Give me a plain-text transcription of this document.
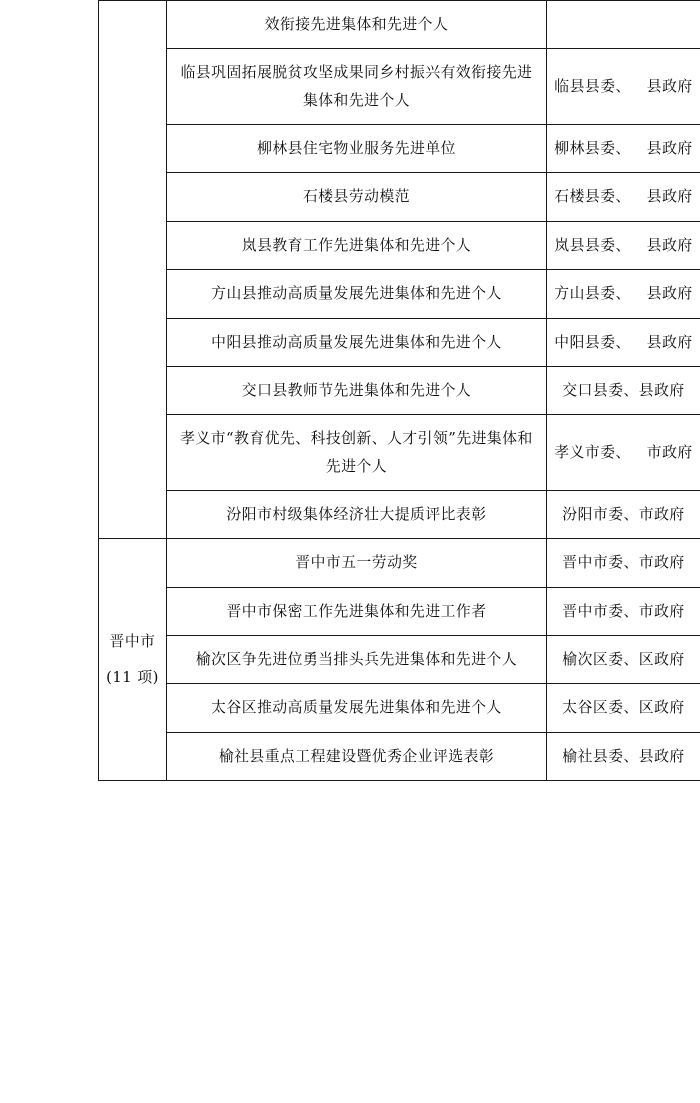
	效衔接先进集体和先进个人	

	临县巩固拓展脱贫攻坚成果同乡村振兴有效衔接先进集体和先进个人	临县县委、 县政府

	柳林县住宅物业服务先进单位	柳林县委、 县政府

	石楼县劳动模范	石楼县委、 县政府

	岚县教育工作先进集体和先进个人	岚县县委、 县政府

	方山县推动高质量发展先进集体和先进个人	方山县委、 县政府

	中阳县推动高质量发展先进集体和先进个人	中阳县委、 县政府

	交口县教师节先进集体和先进个人	交口县委、县政府

	孝义市“教育优先、科技创新、人才引领”先进集体和先进个人	孝义市委、 市政府

	汾阳市村级集体经济壮大提质评比表彰	汾阳市委、市政府

晋中市
(11 项)	晋中市五一劳动奖	晋中市委、市政府

	晋中市保密工作先进集体和先进工作者	晋中市委、市政府

	榆次区争先进位勇当排头兵先进集体和先进个人	榆次区委、区政府

	太谷区推动高质量发展先进集体和先进个人	太谷区委、区政府

	榆社县重点工程建设暨优秀企业评选表彰	榆社县委、县政府
